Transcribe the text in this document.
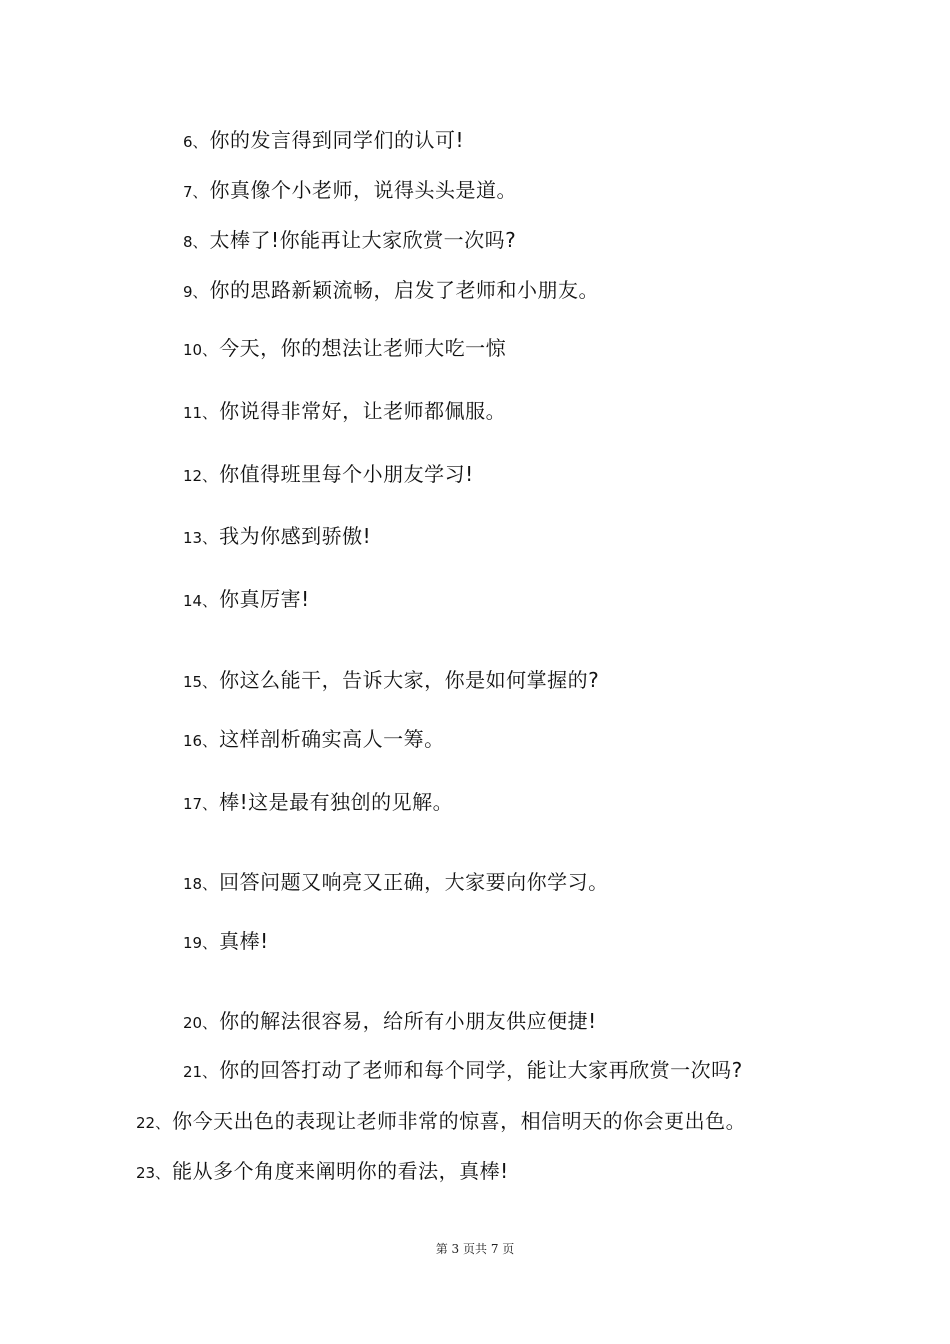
6、 你的发言得到同学们的认可!
7、 你真像个小老师，说得头头是道。
8、 太棒了!你能再让大家欣赏一次吗?
9、 你的思路新颖流畅，启发了老师和小朋友。
10、 今天，你的想法让老师大吃一惊
11、 你说得非常好，让老师都佩服。
12、 你值得班里每个小朋友学习!
13、 我为你感到骄傲!
14、 你真厉害!
15、 你这么能干，告诉大家，你是如何掌握的?
16、 这样剖析确实高人一筹。
17、 棒!这是最有独创的见解。
18、 回答问题又响亮又正确，大家要向你学习。
19、 真棒!
20、 你的解法很容易，给所有小朋友供应便捷!
21、 你的回答打动了老师和每个同学，能让大家再欣赏一次吗?
22、 你今天出色的表现让老师非常的惊喜，相信明天的你会更出色。
23、 能从多个角度来阐明你的看法，真棒!
第 3 页共 7 页
